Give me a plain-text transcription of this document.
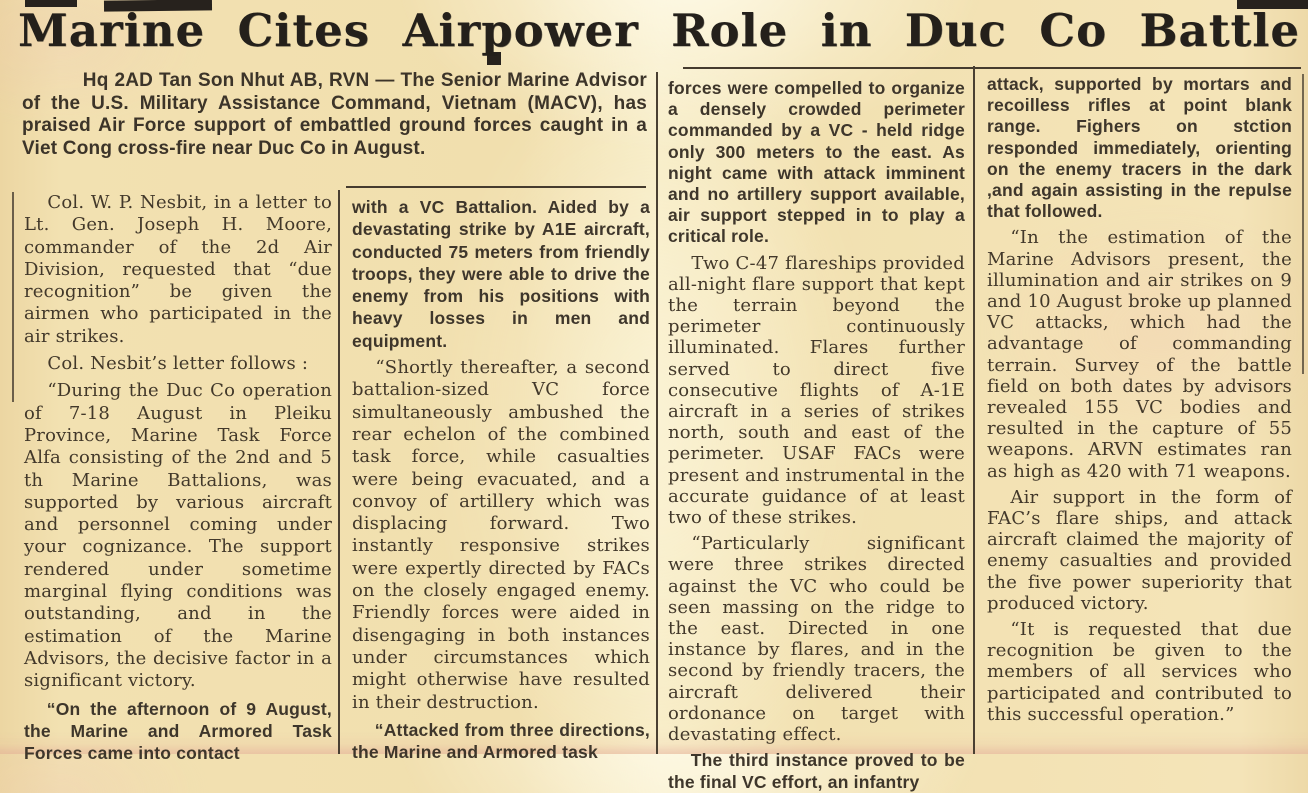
Marine Cites Airpower Role in Duc Co Battle

Hq 2AD Tan Son Nhut AB, RVN — The Senior Marine Advisor of the U.S. Military Assistance Command, Vietnam (MACV), has praised Air Force support of embattled ground forces caught in a Viet Cong cross-fire near Duc Co in August.

Col. W. P. Nesbit, in a letter to Lt. Gen. Joseph H. Moore, commander of the 2d Air Division, requested that “due recognition” be given the airmen who participated in the air strikes.

Col. Nesbit’s letter follows :

“During the Duc Co operation of 7-18 August in Pleiku Province, Marine Task Force Alfa consisting of the 2nd and 5 th Marine Battalions, was supported by various aircraft and personnel coming under your cognizance. The support rendered under sometime marginal flying conditions was outstanding, and in the estimation of the Marine Advisors, the decisive factor in a significant victory.

“On the afternoon of 9 August, the Marine and Armored Task Forces came into contact

with a VC Battalion. Aided by a devastating strike by A1E aircraft, conducted 75 meters from friendly troops, they were able to drive the enemy from his positions with heavy losses in men and equipment.

“Shortly thereafter, a second battalion-sized VC force simultaneously ambushed the rear echelon of the combined task force, while casualties were being evacuated, and a convoy of artillery which was displacing forward. Two instantly responsive strikes were expertly directed by FACs on the closely engaged enemy. Friendly forces were aided in disengaging in both instances under circumstances which might otherwise have resulted in their destruction.

“Attacked from three directions, the Marine and Armored task

forces were compelled to organize a densely crowded perimeter commanded by a VC - held ridge only 300 meters to the east. As night came with attack imminent and no artillery support available, air support stepped in to play a critical role.

Two C-47 flareships provided all-night flare support that kept the terrain beyond the perimeter continuously illuminated. Flares further served to direct five consecutive flights of A-1E aircraft in a series of strikes north, south and east of the perimeter. USAF FACs were present and instrumental in the accurate guidance of at least two of these strikes.

“Particularly significant were three strikes directed against the VC who could be seen massing on the ridge to the east. Directed in one instance by flares, and in the second by friendly tracers, the aircraft delivered their ordonance on target with devastating effect.

The third instance proved to be the final VC effort, an infantry

attack, supported by mortars and recoilless rifles at point blank range. Fighers on stction responded immediately, orienting on the enemy tracers in the dark ,and again assisting in the repulse that followed.

“In the estimation of the Marine Advisors present, the illumination and air strikes on 9 and 10 August broke up planned VC attacks, which had the advantage of commanding terrain. Survey of the battle field on both dates by advisors revealed 155 VC bodies and resulted in the capture of 55 weapons. ARVN estimates ran as high as 420 with 71 weapons.

Air support in the form of FAC’s flare ships, and attack aircraft claimed the majority of enemy casualties and provided the five power superiority that produced victory.

“It is requested that due recognition be given to the members of all services who participated and contributed to this successful operation.”
